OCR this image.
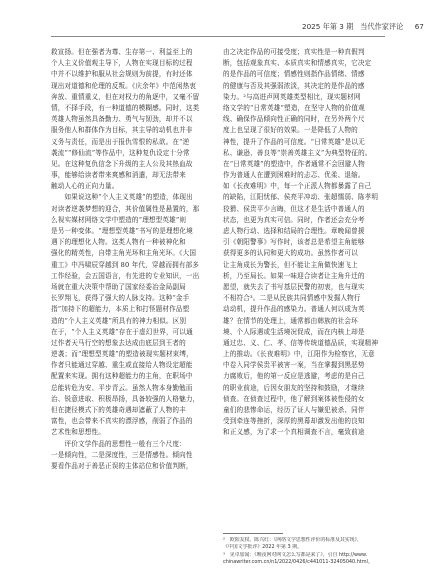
2025 年第 3 期 当代作家评论 67
救宣扬。但在强者为尊、生存第一、利益至上的
个人主义价值观主导下，人物在实现目标的过程
中并不以维护和服从社会规则为前提，有时还体
现出对道德和伦理的反叛。《庆余年》中范闲热衷
奔放、重情重义，但在对权力的角逐中，又毫不留
情，不择手段，有一种道德的模糊感。同时，这类
英雄人物虽然具备勤力、勇气与韧劲，却并不以
服务他人和群体作为目标，其主导的动机也并非
义务与责任，而是出于报仇雪恨的私欲。在“逆
袭流”“修仙流”等作品中，这种复仇设定十分常
见。在这种复仇信念下升级的主人公及其热血故
事，能够给读者带来爽感和消遣，却无法带来
触动人心的正向力量。
　　如果说这种“个人主义英雄”的塑造，体现出
对读者逆袭梦想的迎合，其价值属性是悬置的，那
么视实媒材网络文学中塑造的“理想型英雄”则
是另一种变体。“理想型英雄”书写的是理想化境
遇下的理想化人物。这类人物有一种被神化和
强化的精英性，自带主角光环和主角光环。《大国
重工》中冯啸辰穿越到 80 年代，穿越而拥有部多
工作经验，会五国语言，有先进的专业知识，一出
场就在重大决策中帮助了国家经委冶金局副局
长罗翔飞，获得了强大的人脉支持。这种“金手
指”加持下的超能力，本质上和打怪题材作品塑
造的“个人主义英雄”所具有的神力相似。区别
在于，“个人主义英雄”存在于虚幻世界，可以通
过作者天马行空的想象去达成由底层到王者的
逆袭；而“理想型英雄”的塑造被现实题材束缚，
作者只能通过穿越、重生或直接给人物设定超能
配置来实现。拥有这种超能力的主角，在职场中
总能转危为安、平步青云。虽然人物本身勤勉而
治、锐意进取、积极昂扬，具备较强的人格魅力，
但在捷径模式下的英雄奇遇却遮蔽了人物的丰
富性，也会带来不真实的漂浮感，削弱了作品的
艺术性和思想性。
　　评价文学作品的思想性一般有三个尺度：
一是倾向性，二是深度性，三是情感性。倾向性
要看作品对于善恶正误的主体站位和价值判断，
由之决定作品的可接受度；真实性是一种真假判
断，包括观象真实、本质真实和情感真实，它决定
的是作品的可信度；情感性则指作品情绪、情感
的健康与否及其强弱浓淡，其决定的是作品的感
染力。²与高进声网英雄类型相比，现实题材网
络文学的“日常英雄”塑造，在坚守人物的价值观
线、确保作品倾向性正确的同时，在另外两个尺
度上也呈现了很好的效果。一是降低了人物的
神性，提升了作品的可信度。“日常英雄”是以无
私、谦逊、善良等“崇善英雄主义”为典型特征的。
在“日常英雄”的塑造中，作者通常不会回避人物
作为普通人在遭到困难时的忐忑、优柔、退缩。
如《长夜难明》中，每一个正派人物都暴露了自己
的缺陷，江阳忧郁、侯亮平冲动、张超懦弱、陈孝明
狡猾、侯贵平少言晦，但这才是生活中普通人的
状态，也更为真实可信。同时，作者还会充分考
虑人物行动、选择和结局的合理性。章晚闻曾援
引《朝阳警事》写作时，该者总是希望主角能够
获得更多的认同和更大的成功。虽然作者可以
让主角成长为警长，但不能让主角做快速飞上
析，乃至局长。如果一味迎合读者让主角升迁的
愿望，就失去了书写基层民警的初衷，也与现实
不相符合³。二是从民族共同情感中发掘人物行
动动机，提升作品的感染力。普通人何以成为英
雄？在情节的处理上，通常都由韩族的社会环
境、个人际遇或生活境况促成，而在内核上却是
通过忠、义、仁、孝、信等传统道德品质，实现精神
上的推动。《长夜难明》中，江阳作为检察官，无意
中卷入同学侯贵平被害一案，当在掌握到黑恶势
力腐败后，他的第一反应是逃避，考虑的是自己
的职业前途，后因女朋友的坚持和鼓励，才继续
侦查。在侦查过程中，他了解到案体被性侵的女
童们的悲惨命运，经历了证人与嫌犯被杀、同伴
受到牵连等挫折，深厚的黑幕却激发出他的良知
和正义感，为了求一个真相调查不言，毫致前途
²　欧阳友权、陈兴红：《网络文学思想性评价的标准及其实现》，
《中国文学批评》2022 年第 3 期。
³　见卓加闻：《晚夜网对网文怎么写都是来了》，引自 http://www.
chinawriter.com.cn/n1/2022/0426/c441011-32405040.html。
